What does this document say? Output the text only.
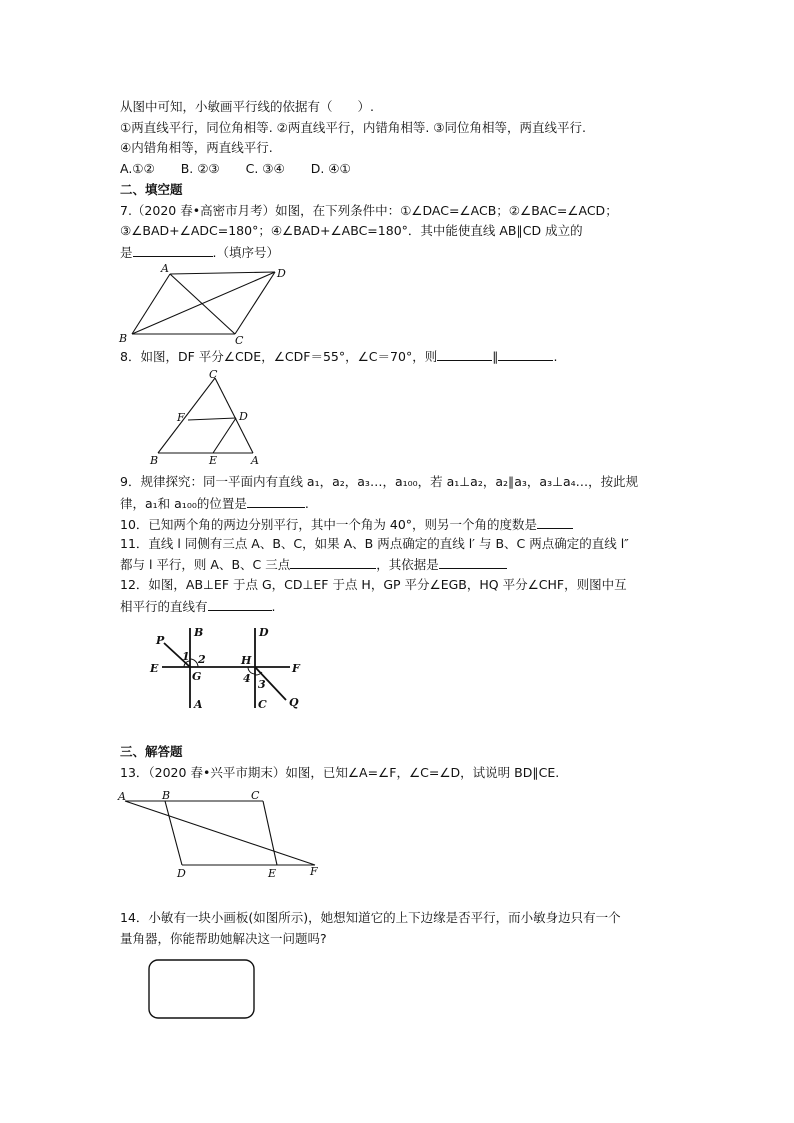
从图中可知，小敏画平行线的依据有（　　）.
①两直线平行，同位角相等. ②两直线平行，内错角相等. ③同位角相等，两直线平行.
④内错角相等，两直线平行.
A.①② B. ②③ C. ③④ D. ④①
二、填空题
7.（2020 春•高密市月考）如图，在下列条件中：①∠DAC=∠ACB；②∠BAC=∠ACD；
③∠BAD+∠ADC=180°；④∠BAD+∠ABC=180°．其中能使直线 AB∥CD 成立的
是	.（填序号）
A	D
B	C
8．如图，DF 平分∠CDE，∠CDF＝55°，∠C＝70°，则	∥	.
C
F	D
B	E	A
9．规律探究：同一平面内有直线 a₁，a₂，a₃…，a₁₀₀，若 a₁⊥a₂，a₂∥a₃，a₃⊥a₄…，按此规
律，a₁和 a₁₀₀的位置是	.
10．已知两个角的两边分别平行，其中一个角为 40°，则另一个角的度数是
11．直线 l 同侧有三点 A、B、C，如果 A、B 两点确定的直线 l′ 与 B、C 两点确定的直线 l″
都与 l 平行，则 A、B、C 三点	，其依据是
12．如图，AB⊥EF 于点 G，CD⊥EF 于点 H，GP 平分∠EGB，HQ 平分∠CHF，则图中互
相平行的直线有	.
P
B	D
1 2
E
G
H
F
4 3
A	C Q
三、解答题
13．（2020 春•兴平市期末）如图，已知∠A=∠F，∠C=∠D，试说明 BD∥CE.
A	B	C
D	E	F
14．小敏有一块小画板(如图所示)，她想知道它的上下边缘是否平行，而小敏身边只有一个
量角器，你能帮助她解决这一问题吗?
